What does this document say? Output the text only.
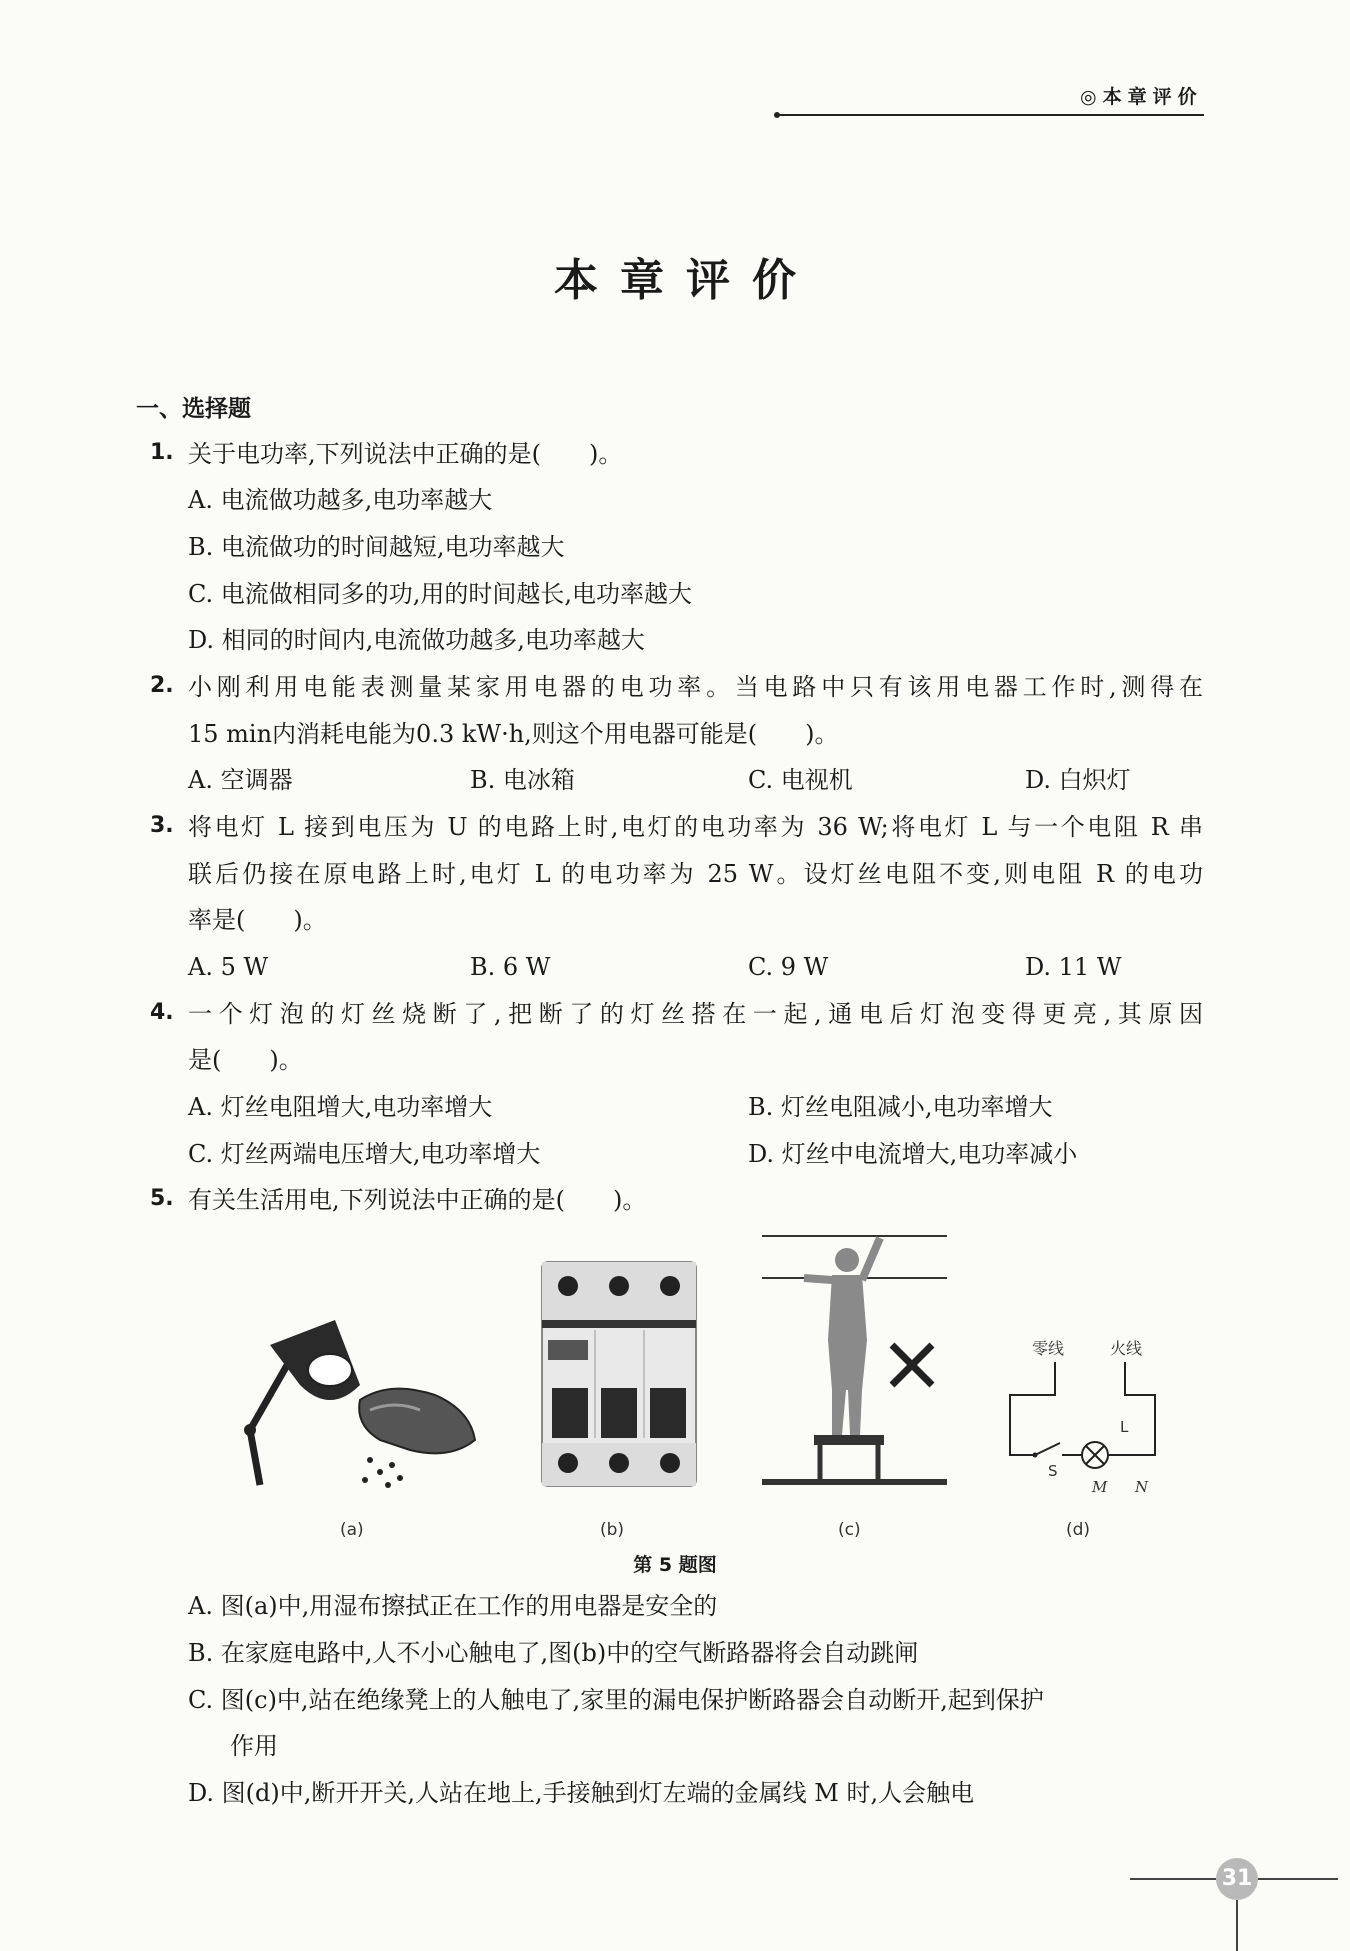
◎本章评价
本章评价
一、选择题
1. 关于电功率,下列说法中正确的是(　　)。
A. 电流做功越多,电功率越大
B. 电流做功的时间越短,电功率越大
C. 电流做相同多的功,用的时间越长,电功率越大
D. 相同的时间内,电流做功越多,电功率越大
2. 小刚利用电能表测量某家用电器的电功率。当电路中只有该用电器工作时,测得在
15 min内消耗电能为0.3 kW·h,则这个用电器可能是(　　)。
A. 空调器	B. 电冰箱	C. 电视机	D. 白炽灯
3. 将电灯 L 接到电压为 U 的电路上时,电灯的电功率为 36 W;将电灯 L 与一个电阻 R 串
联后仍接在原电路上时,电灯 L 的电功率为 25 W。设灯丝电阻不变,则电阻 R 的电功
率是(　　)。
A. 5 W	B. 6 W	C. 9 W	D. 11 W
4. 一个灯泡的灯丝烧断了,把断了的灯丝搭在一起,通电后灯泡变得更亮,其原因
是(　　)。
A. 灯丝电阻增大,电功率增大	B. 灯丝电阻减小,电功率增大
C. 灯丝两端电压增大,电功率增大	D. 灯丝中电流增大,电功率减小
5. 有关生活用电,下列说法中正确的是(　　)。
(a)	(b)	(c)
零线	火线
L
S
M N
(d)
第 5 题图
A. 图(a)中,用湿布擦拭正在工作的用电器是安全的
B. 在家庭电路中,人不小心触电了,图(b)中的空气断路器将会自动跳闸
C. 图(c)中,站在绝缘凳上的人触电了,家里的漏电保护断路器会自动断开,起到保护
作用
D. 图(d)中,断开开关,人站在地上,手接触到灯左端的金属线 M 时,人会触电
31
